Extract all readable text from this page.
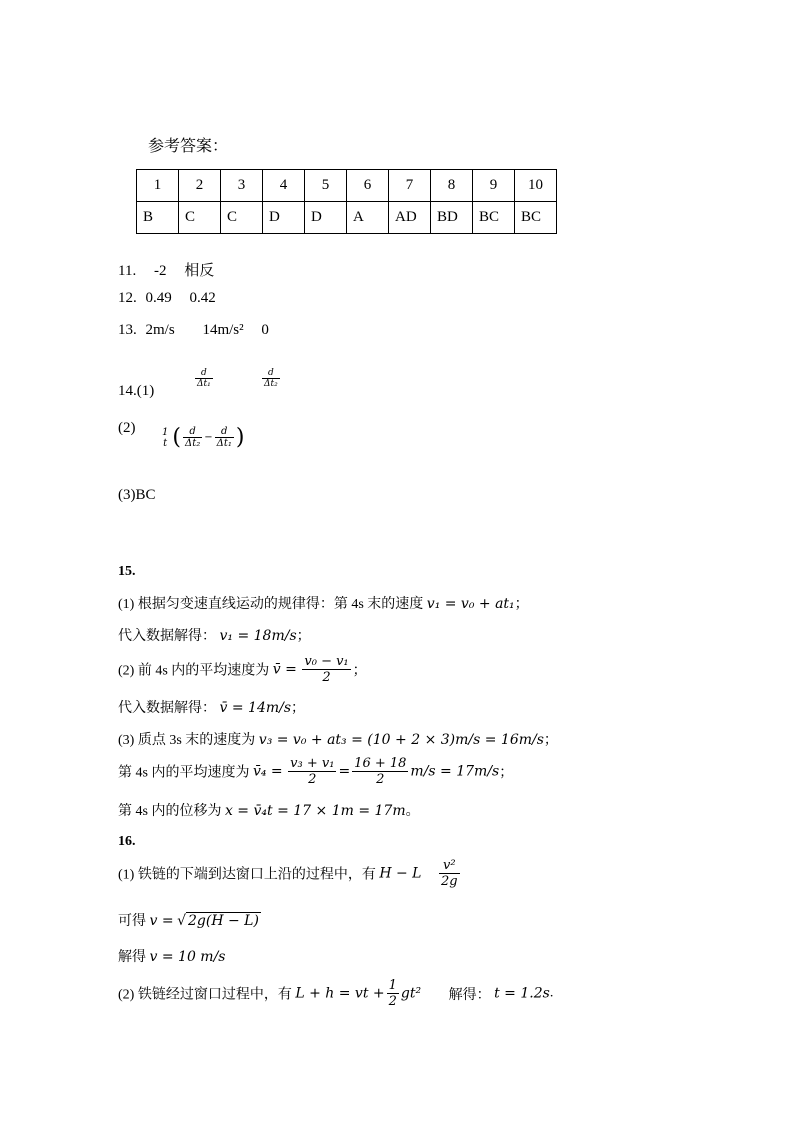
参考答案：
1	2	3	4	5	6	7	8	9	10
B	C	C	D	D	A	AD	BD	BC	BC
11. -2 相反
12. 0.49 0.42
13. 2m/s 14m/s² 0
14.(1)
$\frac{d}{\text{Δt₁}}$	$\frac{d}{\text{Δt₂}}$
(2)	1
t ( $\frac{d}{\text{Δt₂}} - \frac{d}{\text{Δt₁}}$ )
(3)BC
15.
(1) 根据匀变速直线运动的规律得：第 4s 末的速度 v₁ = v₀ + at₁；
代入数据解得： v₁ = 18m/s；
(2) 前 4s 内的平均速度为 v̄ = $\frac{\text{v₀ − v₁}}{2}$ ；
代入数据解得： v̄ = 14m/s；
(3) 质点 3s 末的速度为 v₃ = v₀ + at₃ = (10 + 2 × 3)m/s = 16m/s；
第 4s 内的平均速度为 v̄₄ = $\frac{\text{v₃ + v₁}}{2} = \frac{16 + 18}{2} m/s = 17m/s$；
第 4s 内的位移为 x = v̄₄t = 17 × 1m = 17m。
16.
(1) 铁链的下端到达窗口上沿的过程中，有 H − L $\frac{\text{v²}}{2g}$
可得 v = √ 2g(H − L)
解得 v = 10 m/s
(2) 铁链经过窗口过程中，有 L + h = vt + $\frac{1}{2} gt^2$ 解得： t = 1.2s.
